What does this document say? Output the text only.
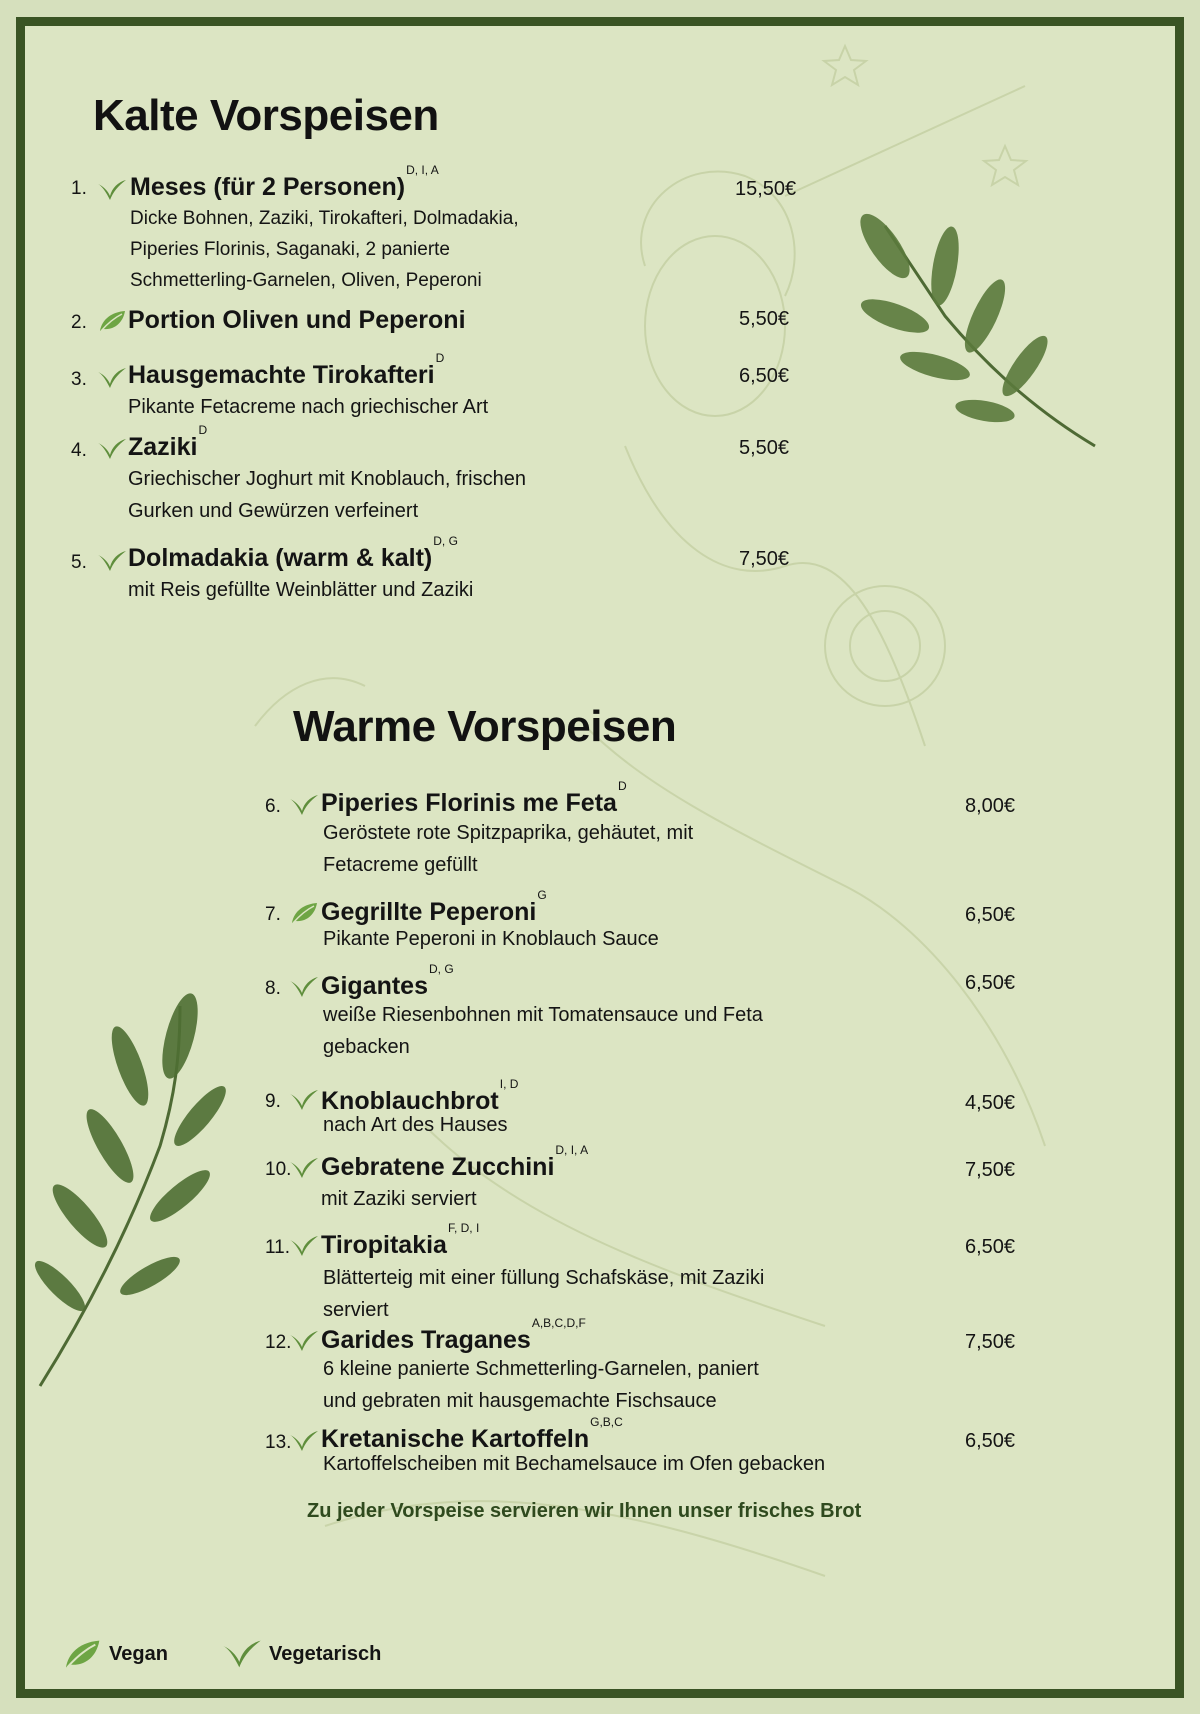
Kalte Vorspeisen
1. Meses (für 2 Personen)$^{D, I, A}$
15,50€
Dicke Bohnen, Zaziki, Tirokafteri, Dolmadakia,
Piperies Florinis, Saganaki, 2 panierte
Schmetterling-Garnelen, Oliven, Peperoni
2. Portion Oliven und Peperoni	5,50€
3. Hausgemachte Tirokafteri$^D$
6,50€
Pikante Fetacreme nach griechischer Art
4. Zaziki$^D$
5,50€
Griechischer Joghurt mit Knoblauch, frischen
Gurken und Gewürzen verfeinert
5. Dolmadakia (warm & kalt)$^{D, G}$
7,50€
mit Reis gefüllte Weinblätter und Zaziki
Warme Vorspeisen
6. Piperies Florinis me Feta$^D$
8,00€
Geröstete rote Spitzpaprika, gehäutet, mit
Fetacreme gefüllt
7. Gegrillte Peperoni$^G$
6,50€
Pikante Peperoni in Knoblauch Sauce
8. Gigantes$^{D, G}$
6,50€
weiße Riesenbohnen mit Tomatensauce und Feta
gebacken
9. Knoblauchbrot$^{I, D}$
4,50€
nach Art des Hauses
10. Gebratene Zucchini$^{D, I, A}$
7,50€
mit Zaziki serviert
11. Tiropitakia$^{F, D, I}$
6,50€
Blätterteig mit einer füllung Schafskäse, mit Zaziki
serviert
12. Garides Traganes$^{A,B,C,D,F}$
7,50€
6 kleine panierte Schmetterling-Garnelen, paniert
und gebraten mit hausgemachte Fischsauce
13. Kretanische Kartoffeln$^{G,B,C}$
6,50€
Kartoffelscheiben mit Bechamelsauce im Ofen gebacken
Zu jeder Vorspeise servieren wir Ihnen unser frisches Brot
Vegan	Vegetarisch
